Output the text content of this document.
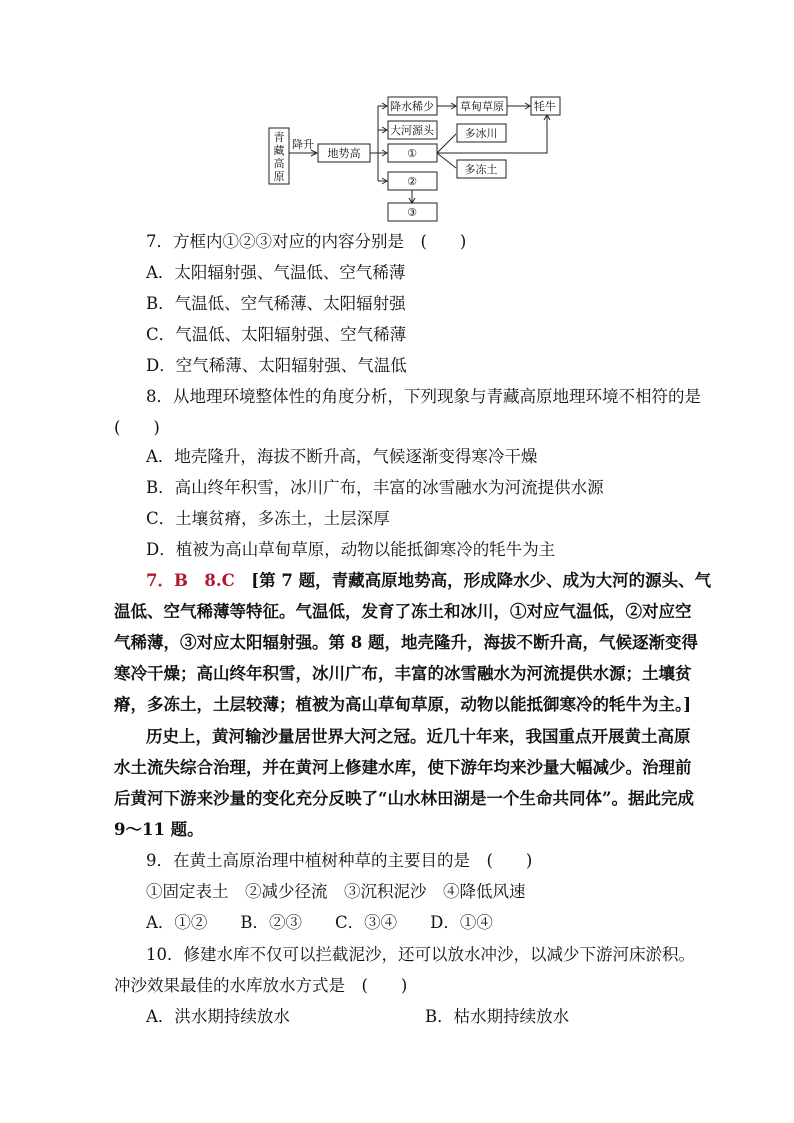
青
藏
高
原
降升
地势高
降水稀少
大河源头
①
②
③
草甸草原	牦牛
多冰川
多冻土
7．方框内①②③对应的内容分别是　(　　)
A．太阳辐射强、气温低、空气稀薄
B．气温低、空气稀薄、太阳辐射强
C．气温低、太阳辐射强、空气稀薄
D．空气稀薄、太阳辐射强、气温低
8．从地理环境整体性的角度分析，下列现象与青藏高原地理环境不相符的是
(　　)
A．地壳隆升，海拔不断升高，气候逐渐变得寒冷干燥
B．高山终年积雪，冰川广布，丰富的冰雪融水为河流提供水源
C．土壤贫瘠，多冻土，土层深厚
D．植被为高山草甸草原，动物以能抵御寒冷的牦牛为主
7．B　8.C　 [第 7 题，青藏高原地势高，形成降水少、成为大河的源头、气
温低、空气稀薄等特征。气温低，发育了冻土和冰川，①对应气温低，②对应空
气稀薄，③对应太阳辐射强。第 8 题，地壳隆升，海拔不断升高，气候逐渐变得
寒冷干燥；高山终年积雪，冰川广布，丰富的冰雪融水为河流提供水源；土壤贫
瘠，多冻土，土层较薄；植被为高山草甸草原，动物以能抵御寒冷的牦牛为主。]
历史上，黄河输沙量居世界大河之冠。近几十年来，我国重点开展黄土高原
水土流失综合治理，并在黄河上修建水库，使下游年均来沙量大幅减少。治理前
后黄河下游来沙量的变化充分反映了“山水林田湖是一个生命共同体”。据此完成
9～11 题。
9．在黄土高原治理中植树种草的主要目的是　(　　)
①固定表土　②减少径流　③沉积泥沙　④降低风速
A．①②　　B．②③　　C．③④　　D．①④
10．修建水库不仅可以拦截泥沙，还可以放水冲沙，以减少下游河床淤积。
冲沙效果最佳的水库放水方式是　(　　)
A．洪水期持续放水	B．枯水期持续放水
